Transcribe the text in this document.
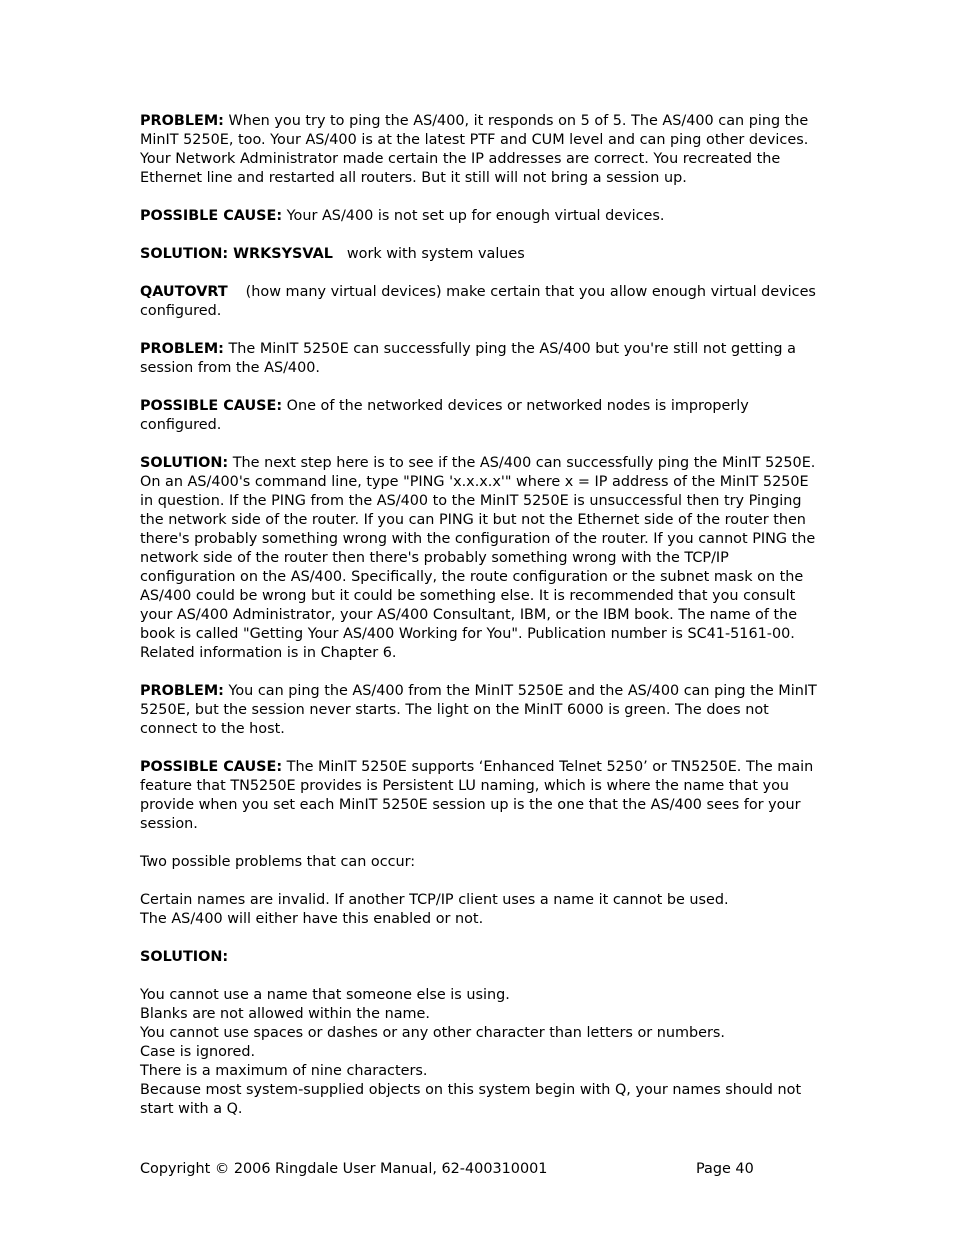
PROBLEM: When you try to ping the AS/400, it responds on 5 of 5. The AS/400 can ping the MinIT 5250E, too. Your AS/400 is at the latest PTF and CUM level and can ping other devices. Your Network Administrator made certain the IP addresses are correct. You recreated the Ethernet line and restarted all routers. But it still will not bring a session up.

POSSIBLE CAUSE: Your AS/400 is not set up for enough virtual devices.

SOLUTION: WRKSYSVAL work with system values

QAUTOVRT (how many virtual devices) make certain that you allow enough virtual devices configured.

PROBLEM: The MinIT 5250E can successfully ping the AS/400 but you're still not getting a session from the AS/400.

POSSIBLE CAUSE: One of the networked devices or networked nodes is improperly configured.

SOLUTION: The next step here is to see if the AS/400 can successfully ping the MinIT 5250E. On an AS/400's command line, type "PING 'x.x.x.x'" where x = IP address of the MinIT 5250E in question. If the PING from the AS/400 to the MinIT 5250E is unsuccessful then try Pinging the network side of the router. If you can PING it but not the Ethernet side of the router then there's probably something wrong with the configuration of the router. If you cannot PING the network side of the router then there's probably something wrong with the TCP/IP configuration on the AS/400. Specifically, the route configuration or the subnet mask on the AS/400 could be wrong but it could be something else. It is recommended that you consult your AS/400 Administrator, your AS/400 Consultant, IBM, or the IBM book. The name of the book is called "Getting Your AS/400 Working for You". Publication number is SC41-5161-00. Related information is in Chapter 6.

PROBLEM: You can ping the AS/400 from the MinIT 5250E and the AS/400 can ping the MinIT 5250E, but the session never starts. The light on the MinIT 6000 is green. The does not connect to the host.

POSSIBLE CAUSE: The MinIT 5250E supports ‘Enhanced Telnet 5250’ or TN5250E. The main feature that TN5250E provides is Persistent LU naming, which is where the name that you provide when you set each MinIT 5250E session up is the one that the AS/400 sees for your session.

Two possible problems that can occur:

Certain names are invalid. If another TCP/IP client uses a name it cannot be used.

The AS/400 will either have this enabled or not.

SOLUTION:

You cannot use a name that someone else is using.
Blanks are not allowed within the name.
You cannot use spaces or dashes or any other character than letters or numbers.
Case is ignored.
There is a maximum of nine characters.
Because most system-supplied objects on this system begin with Q, your names should not start with a Q.
Copyright © 2006 Ringdale User Manual, 62-400310001	Page 40
